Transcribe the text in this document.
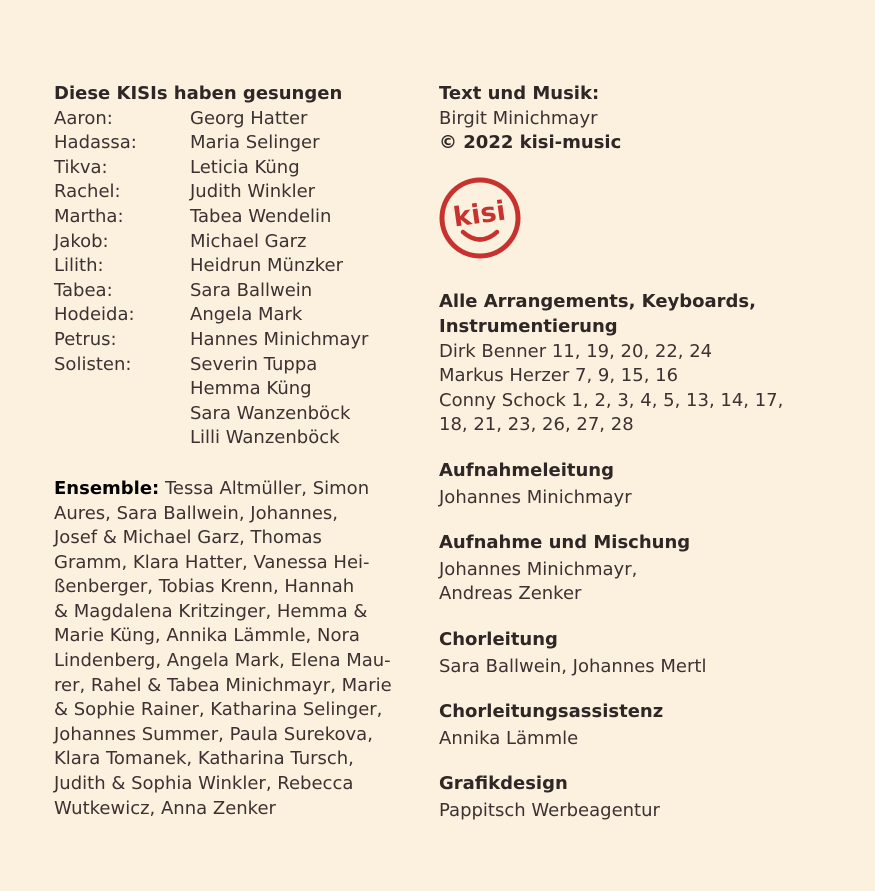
Diese KISIs haben gesungen
Aaron:	Georg Hatter
Hadassa:	Maria Selinger
Tikva:	Leticia Küng
Rachel:	Judith Winkler
Martha:	Tabea Wendelin
Jakob:	Michael Garz
Lilith:	Heidrun Münzker
Tabea:	Sara Ballwein
Hodeida:	Angela Mark
Petrus:	Hannes Minichmayr
Solisten:	Severin Tuppa
Hemma Küng
Sara Wanzenböck
Lilli Wanzenböck
Ensemble: Tessa Altmüller, Simon
Aures, Sara Ballwein, Johannes,
Josef & Michael Garz, Thomas
Gramm, Klara Hatter, Vanessa Hei-
ßenberger, Tobias Krenn, Hannah
& Magdalena Kritzinger, Hemma &
Marie Küng, Annika Lämmle, Nora
Lindenberg, Angela Mark, Elena Mau-
rer, Rahel & Tabea Minichmayr, Marie
& Sophie Rainer, Katharina Selinger,
Johannes Summer, Paula Surekova,
Klara Tomanek, Katharina Tursch,
Judith & Sophia Winkler, Rebecca
Wutkewicz, Anna Zenker
Text und Musik:
Birgit Minichmayr
© 2022 kisi-music
kisi
Alle Arrangements, Keyboards,
Instrumentierung
Dirk Benner 11, 19, 20, 22, 24
Markus Herzer 7, 9, 15, 16
Conny Schock 1, 2, 3, 4, 5, 13, 14, 17,
18, 21, 23, 26, 27, 28
Aufnahmeleitung
Johannes Minichmayr
Aufnahme und Mischung
Johannes Minichmayr,
Andreas Zenker
Chorleitung
Sara Ballwein, Johannes Mertl
Chorleitungsassistenz
Annika Lämmle
Grafikdesign
Pappitsch Werbeagentur
